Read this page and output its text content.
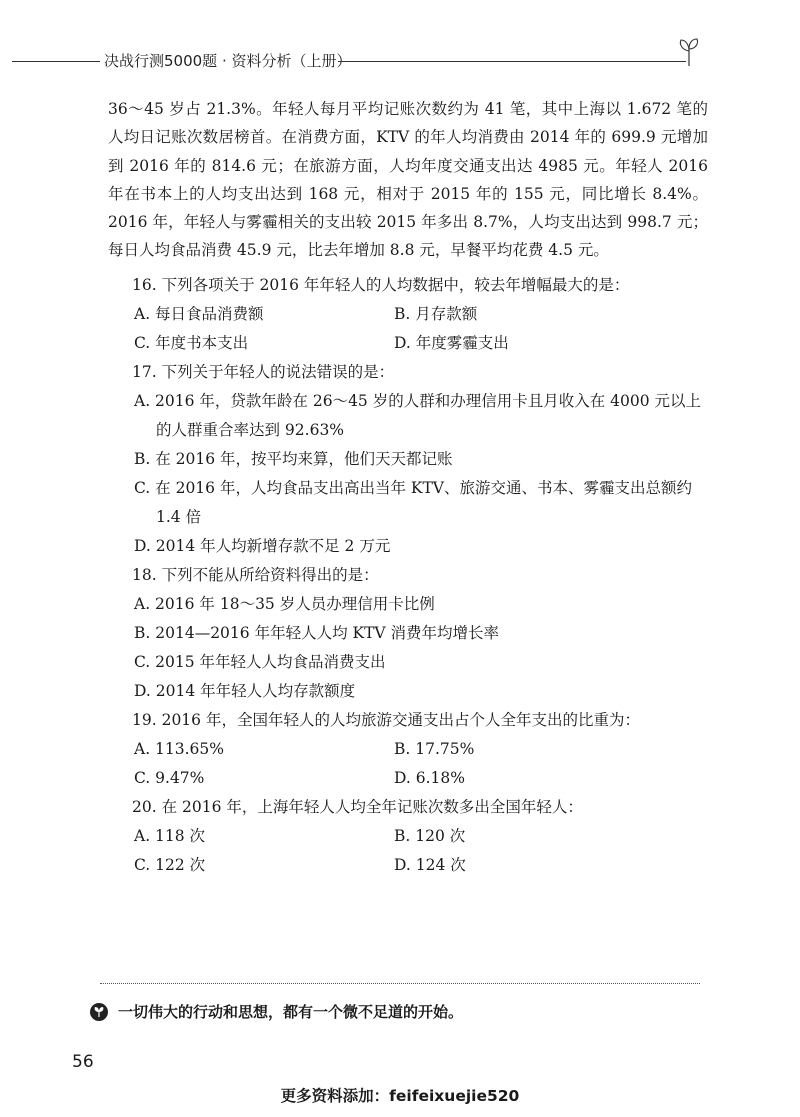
决战行测5000题 · 资料分析（上册）

36～45 岁占 21.3%。年轻人每月平均记账次数约为 41 笔，其中上海以 1.672 笔的人均日记账次数居榜首。在消费方面，KTV 的年人均消费由 2014 年的 699.9 元增加到 2016 年的 814.6 元；在旅游方面，人均年度交通支出达 4985 元。年轻人 2016 年在书本上的人均支出达到 168 元，相对于 2015 年的 155 元，同比增长 8.4%。2016 年，年轻人与雾霾相关的支出较 2015 年多出 8.7%，人均支出达到 998.7 元；每日人均食品消费 45.9 元，比去年增加 8.8 元，早餐平均花费 4.5 元。

16. 下列各项关于 2016 年年轻人的人均数据中，较去年增幅最大的是：
A. 每日食品消费额	B. 月存款额
C. 年度书本支出	D. 年度雾霾支出
17. 下列关于年轻人的说法错误的是：
A. 2016 年，贷款年龄在 26～45 岁的人群和办理信用卡且月收入在 4000 元以上
的人群重合率达到 92.63%
B. 在 2016 年，按平均来算，他们天天都记账
C. 在 2016 年，人均食品支出高出当年 KTV、旅游交通、书本、雾霾支出总额约
1.4 倍
D. 2014 年人均新增存款不足 2 万元
18. 下列不能从所给资料得出的是：
A. 2016 年 18～35 岁人员办理信用卡比例
B. 2014—2016 年年轻人人均 KTV 消费年均增长率
C. 2015 年年轻人人均食品消费支出
D. 2014 年年轻人人均存款额度
19. 2016 年，全国年轻人的人均旅游交通支出占个人全年支出的比重为：
A. 113.65%	B. 17.75%
C. 9.47%	D. 6.18%
20. 在 2016 年，上海年轻人人均全年记账次数多出全国年轻人：
A. 118 次	B. 120 次
C. 122 次	D. 124 次
一切伟大的行动和思想，都有一个微不足道的开始。
56
更多资料添加：feifeixuejie520
